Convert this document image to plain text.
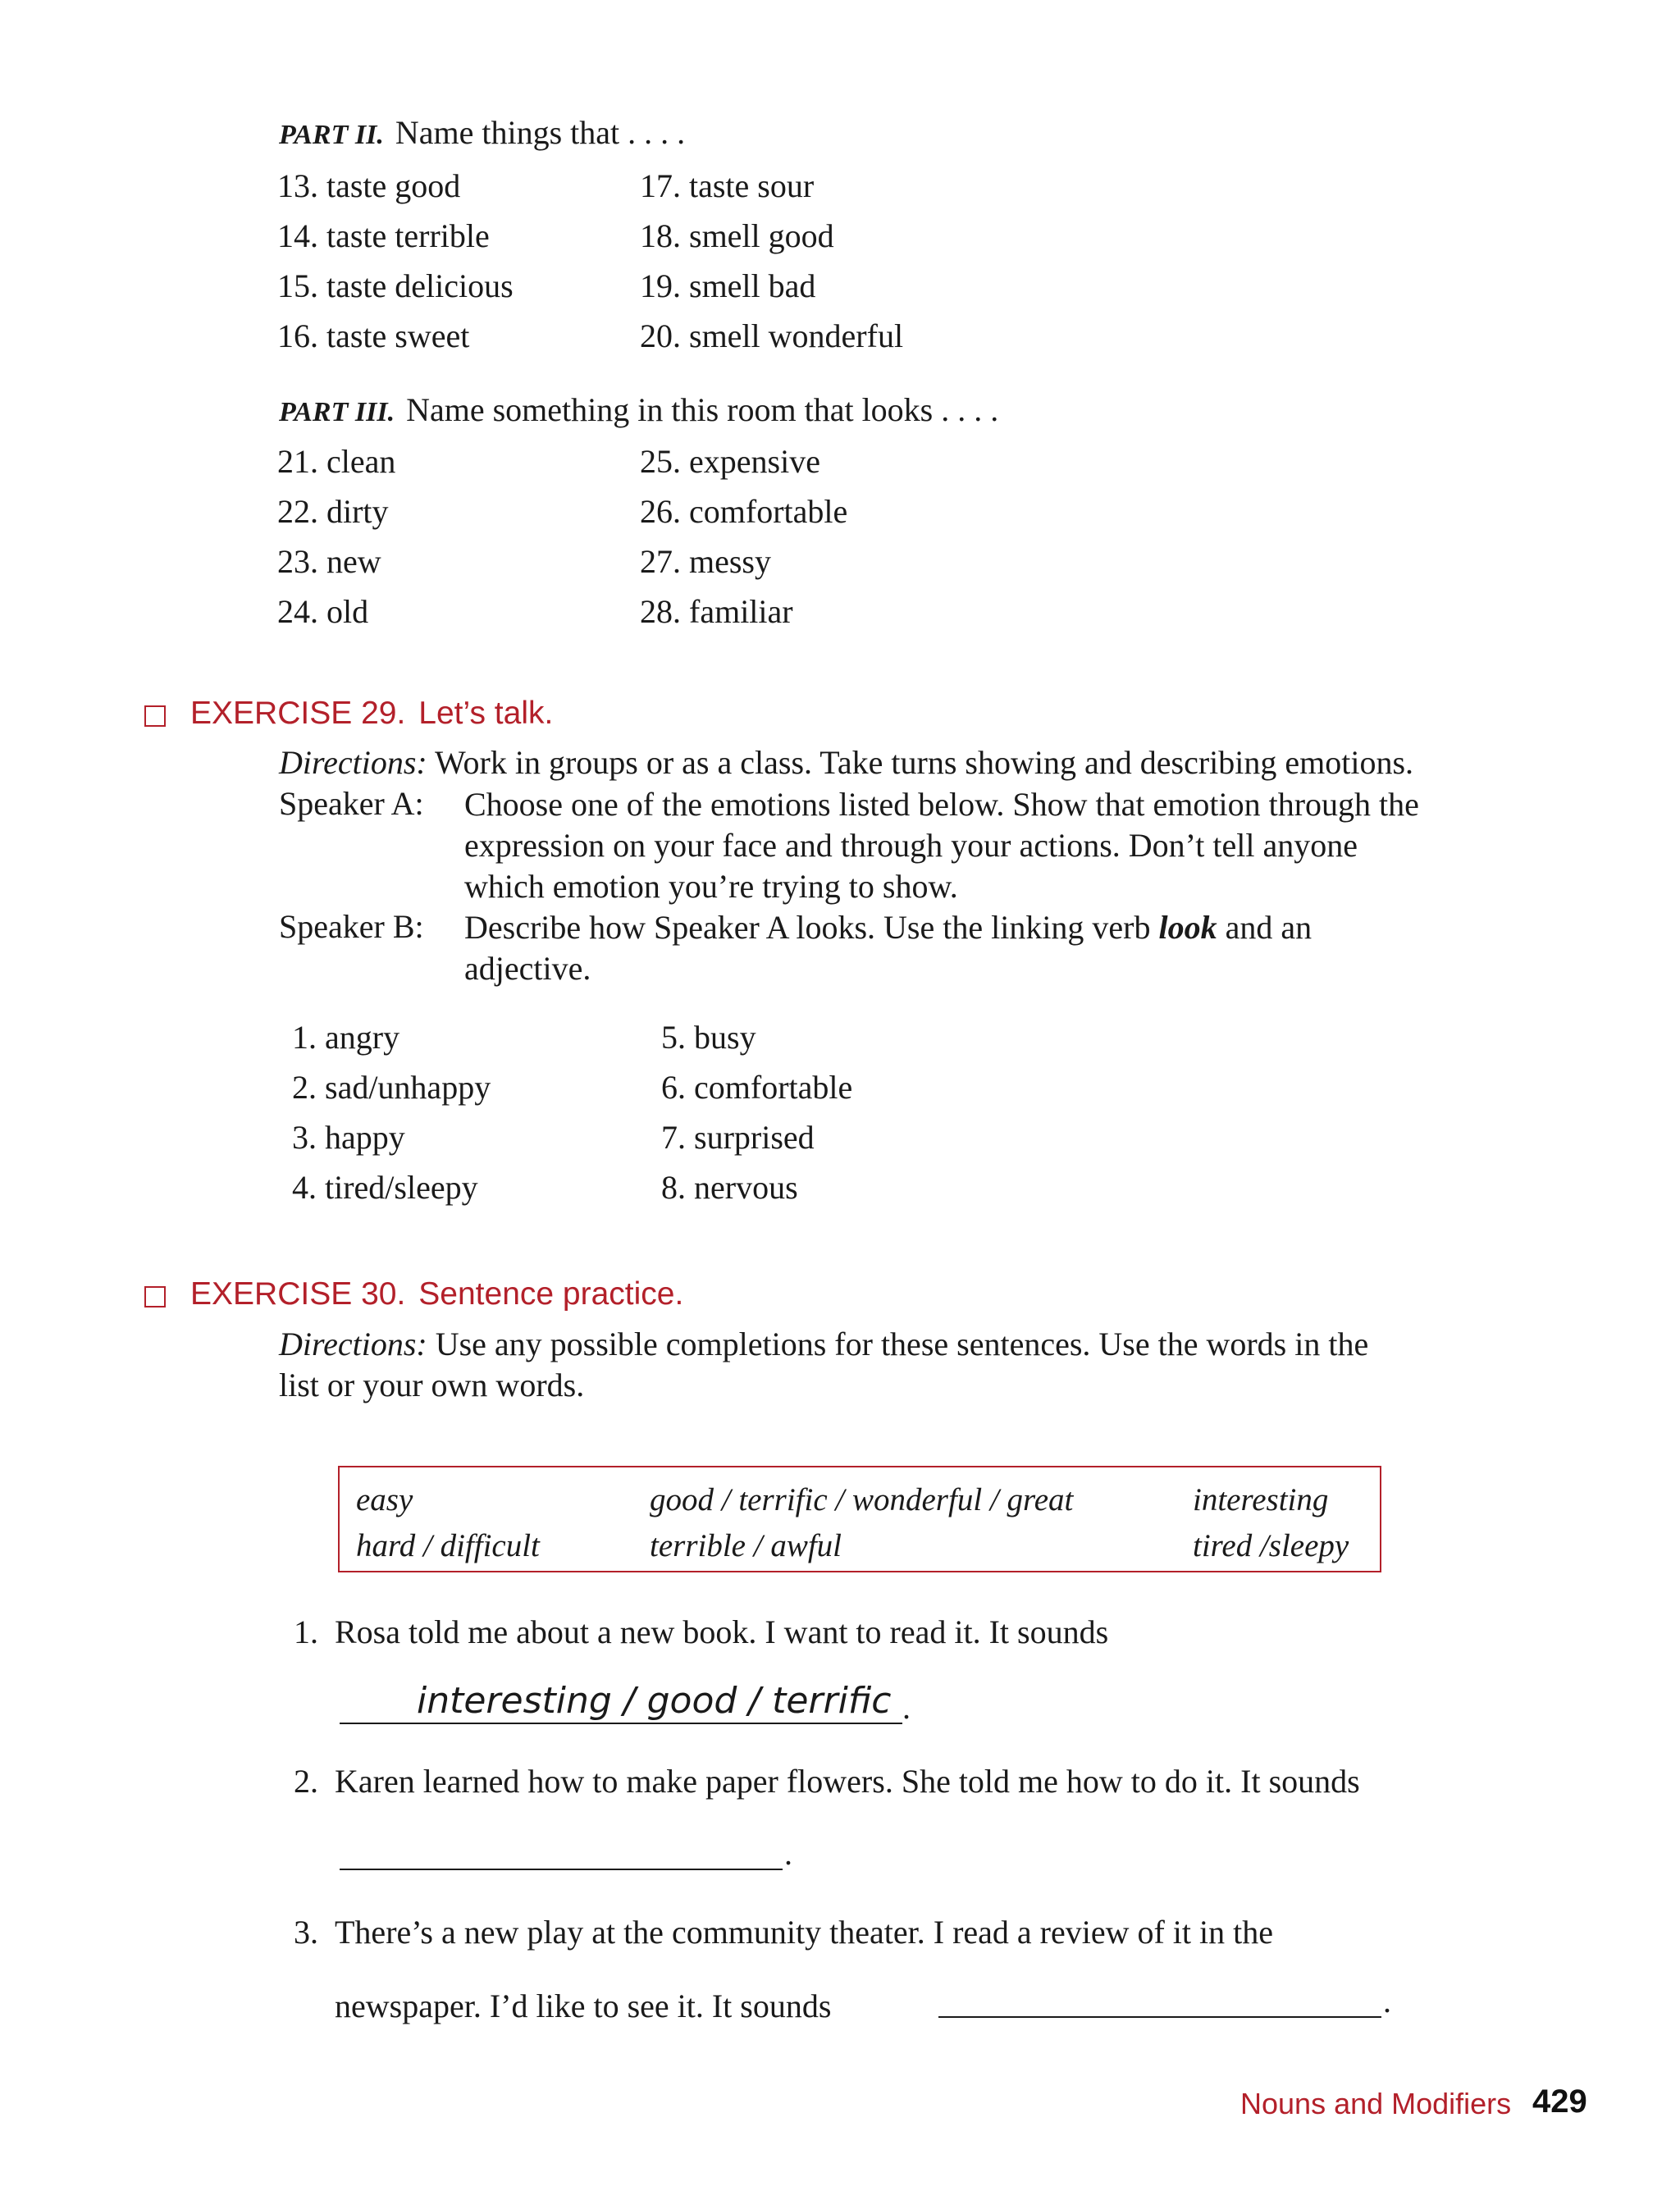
PART II. Name things that . . . .
13. taste good
14. taste terrible
15. taste delicious
16. taste sweet
17. taste sour
18. smell good
19. smell bad
20. smell wonderful
PART III. Name something in this room that looks . . . .
21. clean
22. dirty
23. new
24. old
25. expensive
26. comfortable
27. messy
28. familiar
EXERCISE 29. Let’s talk.
Directions: Work in groups or as a class. Take turns showing and describing emotions.
Speaker A: Choose one of the emotions listed below. Show that emotion through the
expression on your face and through your actions. Don’t tell anyone
which emotion you’re trying to show.
Speaker B: Describe how Speaker A looks. Use the linking verb look and an
adjective.
1. angry
2. sad/unhappy
3. happy
4. tired/sleepy
5. busy
6. comfortable
7. surprised
8. nervous
EXERCISE 30. Sentence practice.
Directions: Use any possible completions for these sentences. Use the words in the
list or your own words.
easy
hard / difficult
good / terrific / wonderful / great
terrible / awful
interesting
tired /sleepy
1. Rosa told me about a new book. I want to read it. It sounds
interesting / good / terrific .
2. Karen learned how to make paper flowers. She told me how to do it. It sounds
.
3. There’s a new play at the community theater. I read a review of it in the
newspaper. I’d like to see it. It sounds	.
Nouns and Modifiers 429
